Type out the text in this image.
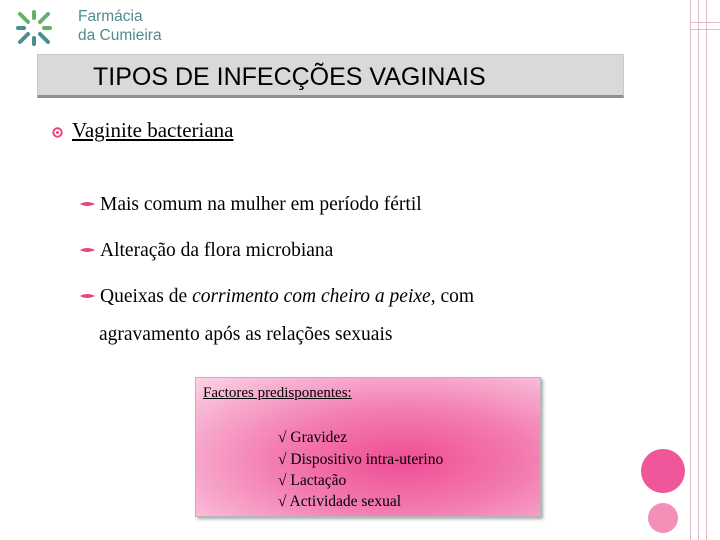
Farmácia
da Cumieira
TIPOS DE INFECÇÕES VAGINAIS
Vaginite bacteriana
Mais comum na mulher em período fértil
Alteração da flora microbiana
Queixas de corrimento com cheiro a peixe, com
agravamento após as relações sexuais
Factores predisponentes:
√ Gravidez
√ Dispositivo intra-uterino
√ Lactação
√ Actividade sexual
